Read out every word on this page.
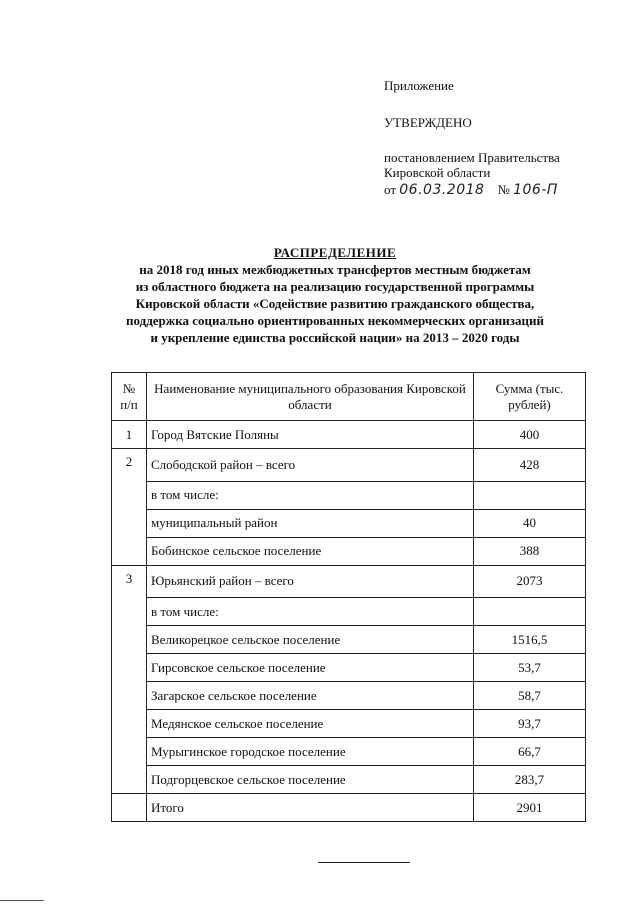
Приложение
УТВЕРЖДЕНО
постановлением Правительства
Кировской области
от 06.03.2018 № 106-П
РАСПРЕДЕЛЕНИЕ
на 2018 год иных межбюджетных трансфертов местным бюджетам
из областного бюджета на реализацию государственной программы
Кировской области «Содействие развитию гражданского общества,
поддержка социально ориентированных некоммерческих организаций
и укрепление единства российской нации» на 2013 – 2020 годы
№ п/п	Наименование муниципального образования Кировской области	Сумма (тыс. рублей)
1	Город Вятские Поляны	400
2	Слободской район – всего	428
	в том числе:	
	муниципальный район	40
	Бобинское сельское поселение	388
3	Юрьянский район – всего	2073
	в том числе:	
	Великорецкое сельское поселение	1516,5
	Гирсовское сельское поселение	53,7
	Загарское сельское поселение	58,7
	Медянское сельское поселение	93,7
	Мурыгинское городское поселение	66,7
	Подгорцевское сельское поселение	283,7
	Итого	2901
